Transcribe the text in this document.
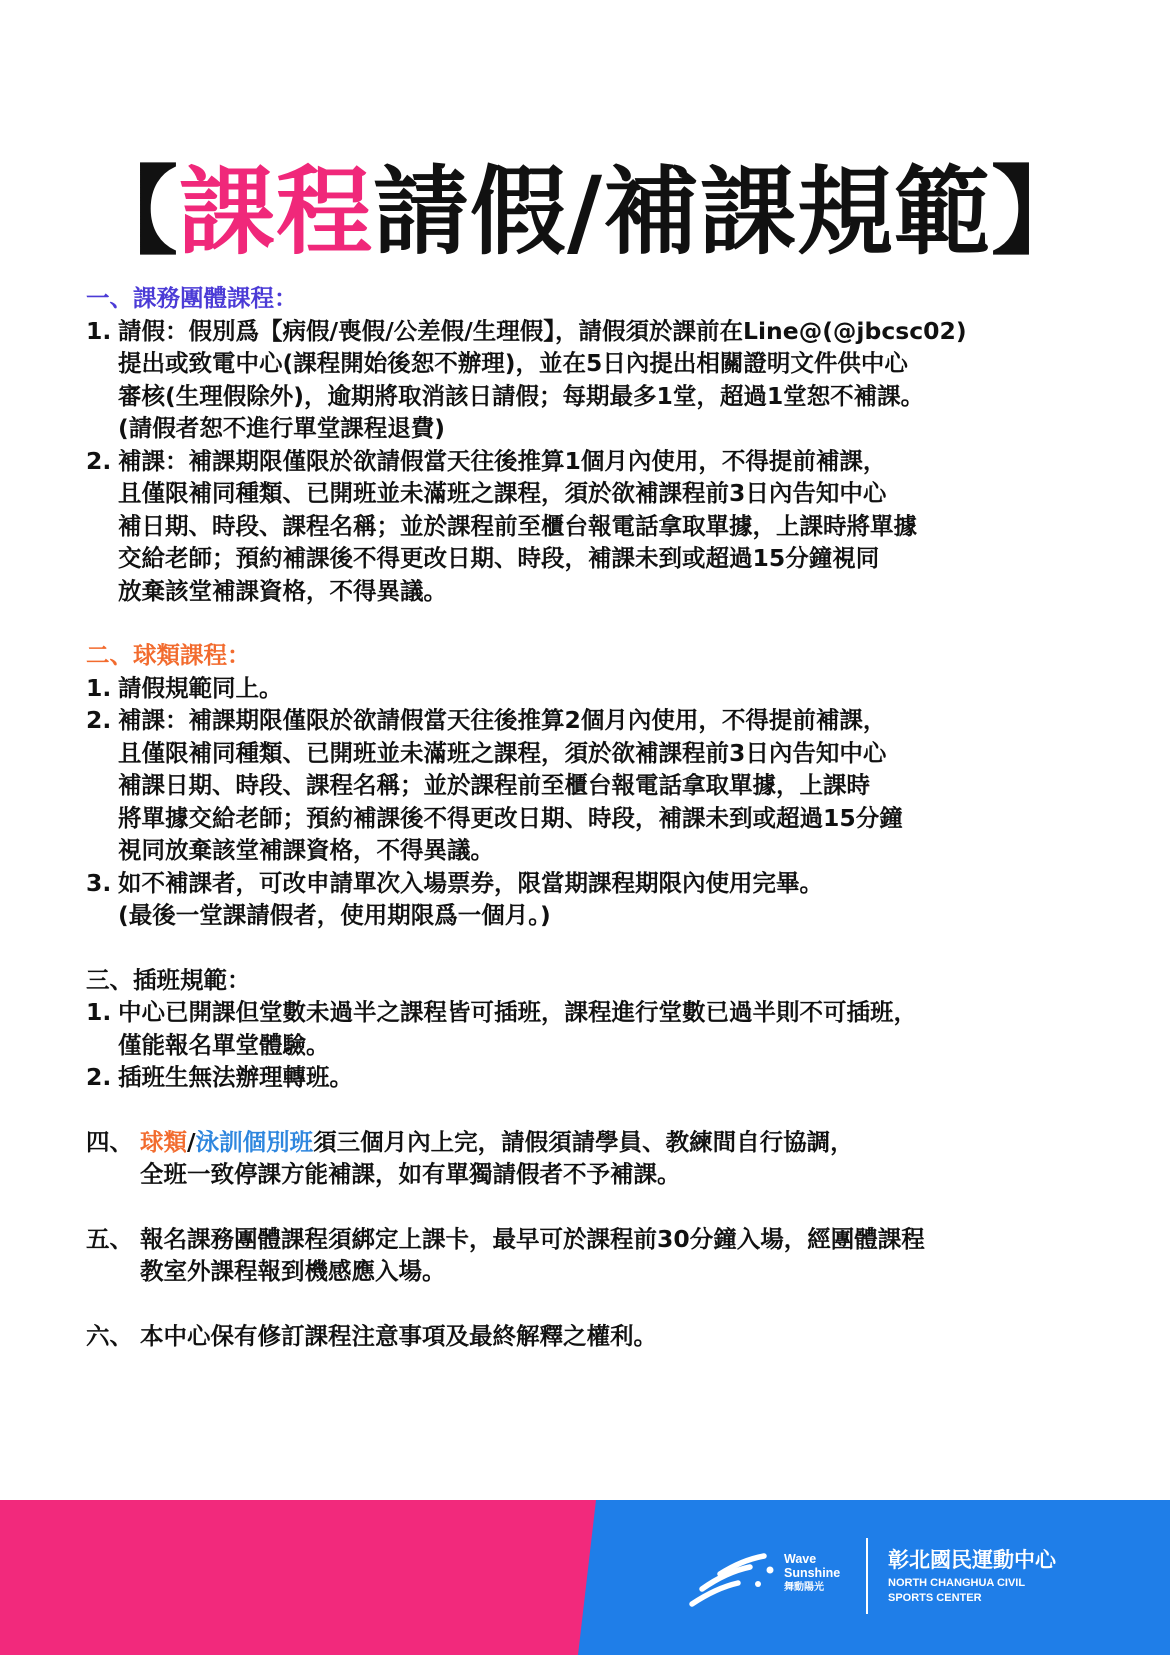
【課程請假/補課規範】
一、課務團體課程：
1. 請假：假別爲【病假/喪假/公差假/生理假】，請假須於課前在Line@(@jbcsc02)
提出或致電中心(課程開始後恕不辦理)，並在5日內提出相關證明文件供中心
審核(生理假除外)，逾期將取消該日請假；每期最多1堂，超過1堂恕不補課。
(請假者恕不進行單堂課程退費)
2. 補課：補課期限僅限於欲請假當天往後推算1個月內使用，不得提前補課，
且僅限補同種類、已開班並未滿班之課程，須於欲補課程前3日內告知中心
補日期、時段、課程名稱；並於課程前至櫃台報電話拿取單據，上課時將單據
交給老師；預約補課後不得更改日期、時段，補課未到或超過15分鐘視同
放棄該堂補課資格，不得異議。
二、球類課程：
1. 請假規範同上。
2. 補課：補課期限僅限於欲請假當天往後推算2個月內使用，不得提前補課，
且僅限補同種類、已開班並未滿班之課程，須於欲補課程前3日內告知中心
補課日期、時段、課程名稱；並於課程前至櫃台報電話拿取單據，上課時
將單據交給老師；預約補課後不得更改日期、時段，補課未到或超過15分鐘
視同放棄該堂補課資格，不得異議。
3. 如不補課者，可改申請單次入場票券，限當期課程期限內使用完畢。
(最後一堂課請假者，使用期限爲一個月。)
三、插班規範：
1. 中心已開課但堂數未過半之課程皆可插班，課程進行堂數已過半則不可插班，
僅能報名單堂體驗。
2. 插班生無法辦理轉班。
四、 球類/泳訓個別班須三個月內上完，請假須請學員、教練間自行協調，
全班一致停課方能補課，如有單獨請假者不予補課。
五、 報名課務團體課程須綁定上課卡，最早可於課程前30分鐘入場，經團體課程
教室外課程報到機感應入場。
六、 本中心保有修訂課程注意事項及最終解釋之權利。
Wave
Sunshine
舞動陽光
彰北國民運動中心
NORTH CHANGHUA CIVIL
SPORTS CENTER
